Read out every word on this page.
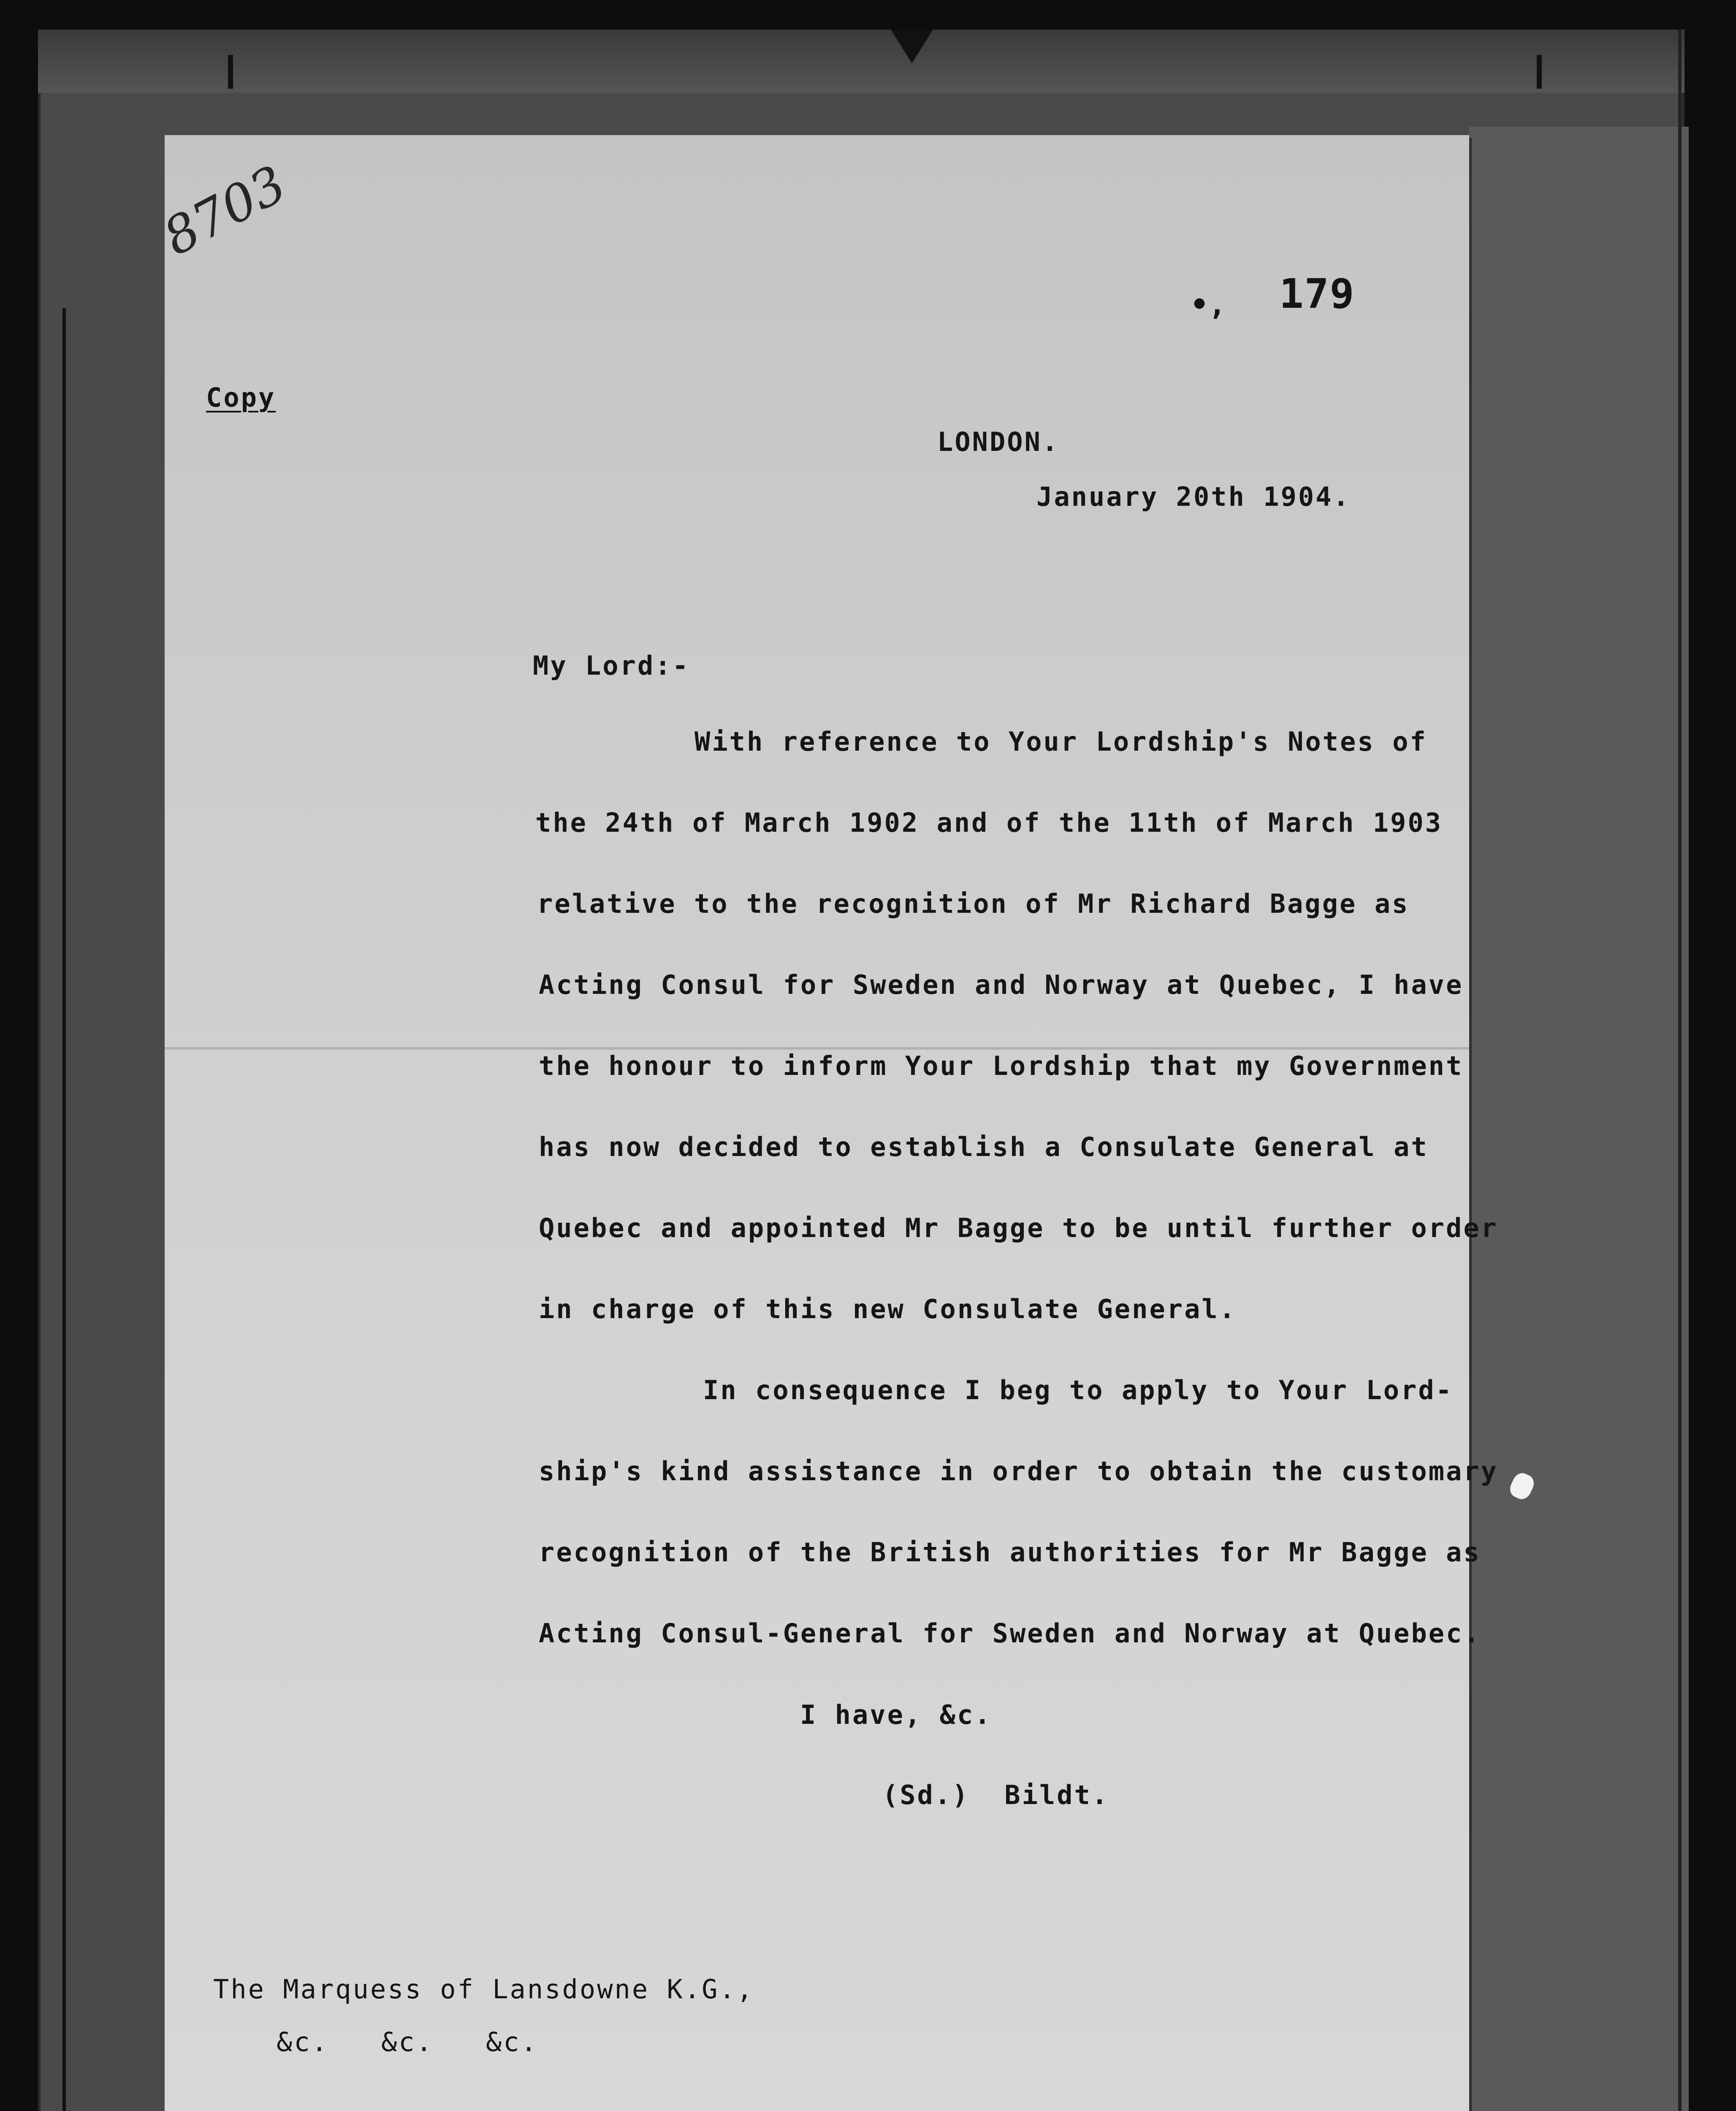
8703
•, 179
Copy
LONDON.
January 20th 1904.
My Lord:-
With reference to Your Lordship's Notes of
the 24th of March 1902 and of the 11th of March 1903
relative to the recognition of Mr Richard Bagge as
Acting Consul for Sweden and Norway at Quebec, I have
the honour to inform Your Lordship that my Government
has now decided to establish a Consulate General at
Quebec and appointed Mr Bagge to be until further order
in charge of this new Consulate General.
In consequence I beg to apply to Your Lord-
ship's kind assistance in order to obtain the customary
recognition of the British authorities for Mr Bagge as
Acting Consul-General for Sweden and Norway at Quebec.
I have, &c.
(Sd.)  Bildt.
The Marquess of Lansdowne K.G.,
&c.   &c.   &c.
